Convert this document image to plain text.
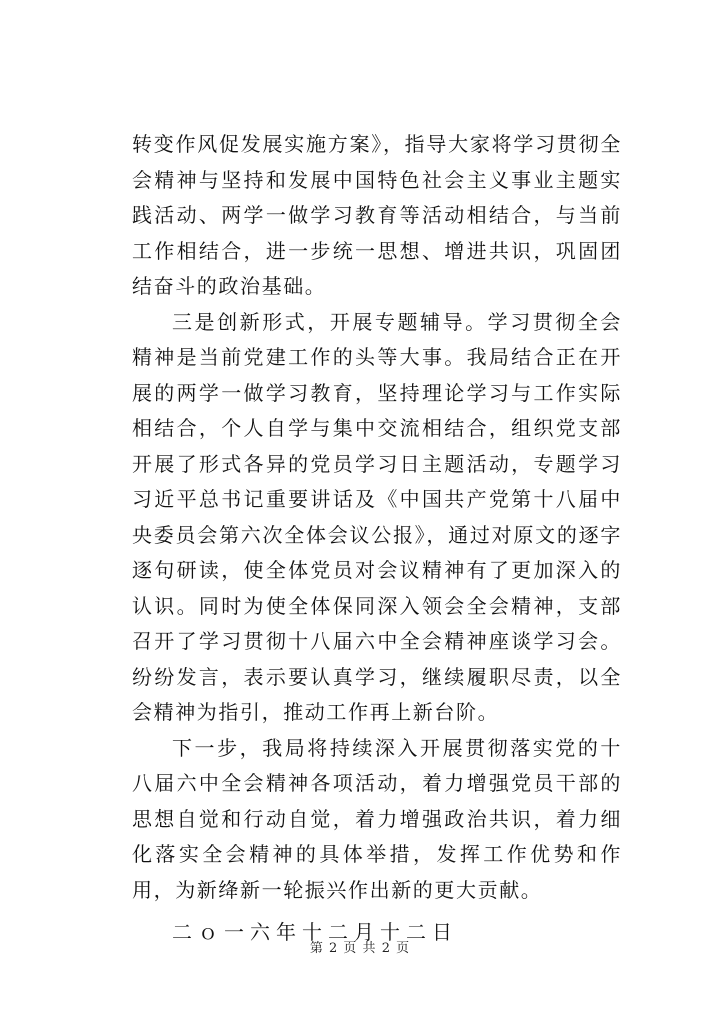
转变作风促发展实施方案》，指导大家将学习贯彻全会精神与坚持和发展中国特色社会主义事业主题实践活动、两学一做学习教育等活动相结合，与当前工作相结合，进一步统一思想、增进共识，巩固团结奋斗的政治基础。

三是创新形式，开展专题辅导。学习贯彻全会精神是当前党建工作的头等大事。我局结合正在开展的两学一做学习教育，坚持理论学习与工作实际相结合，个人自学与集中交流相结合，组织党支部开展了形式各异的党员学习日主题活动，专题学习习近平总书记重要讲话及《中国共产党第十八届中央委员会第六次全体会议公报》，通过对原文的逐字逐句研读，使全体党员对会议精神有了更加深入的认识。同时为使全体保同深入领会全会精神，支部召开了学习贯彻十八届六中全会精神座谈学习会。纷纷发言，表示要认真学习，继续履职尽责，以全会精神为指引，推动工作再上新台阶。

下一步，我局将持续深入开展贯彻落实党的十八届六中全会精神各项活动，着力增强党员干部的思想自觉和行动自觉，着力增强政治共识，着力细化落实全会精神的具体举措，发挥工作优势和作用，为新绛新一轮振兴作出新的更大贡献。

二ｏ一六年十二月十二日

第 2 页 共 2 页
